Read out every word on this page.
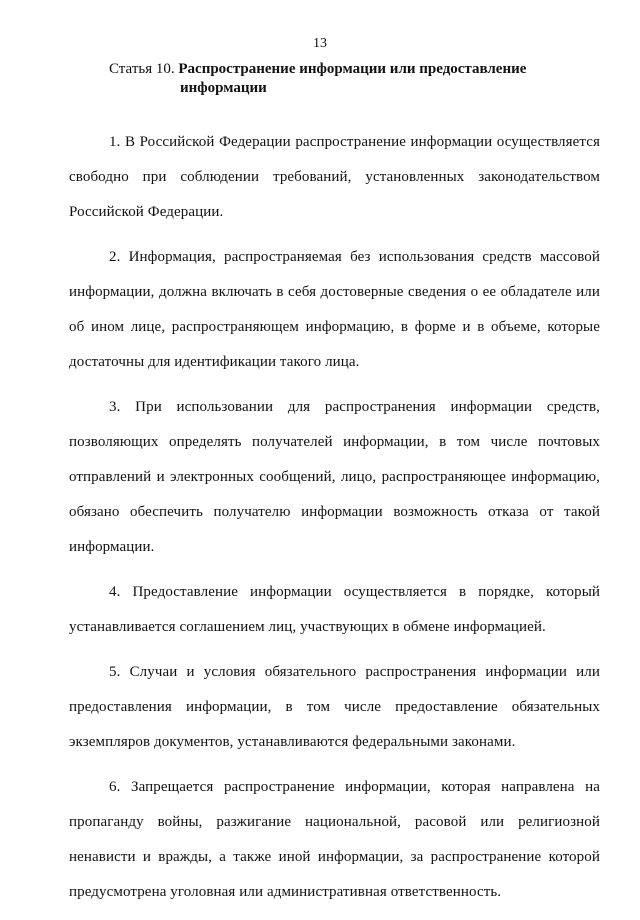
13
Статья 10. Распространение информации или предоставление
информации

1. В Российской Федерации распространение информации осуществляется свободно при соблюдении требований, установленных законодательством Российской Федерации.

2. Информация, распространяемая без использования средств массовой информации, должна включать в себя достоверные сведения о ее обладателе или об ином лице, распространяющем информацию, в форме и в объеме, которые достаточны для идентификации такого лица.

3. При использовании для распространения информации средств, позволяющих определять получателей информации, в том числе почтовых отправлений и электронных сообщений, лицо, распространяющее информацию, обязано обеспечить получателю информации возможность отказа от такой информации.

4. Предоставление информации осуществляется в порядке, который устанавливается соглашением лиц, участвующих в обмене информацией.

5. Случаи и условия обязательного распространения информации или предоставления информации, в том числе предоставление обязательных экземпляров документов, устанавливаются федеральными законами.

6. Запрещается распространение информации, которая направлена на пропаганду войны, разжигание национальной, расовой или религиозной ненависти и вражды, а также иной информации, за распространение которой предусмотрена уголовная или административная ответственность.
